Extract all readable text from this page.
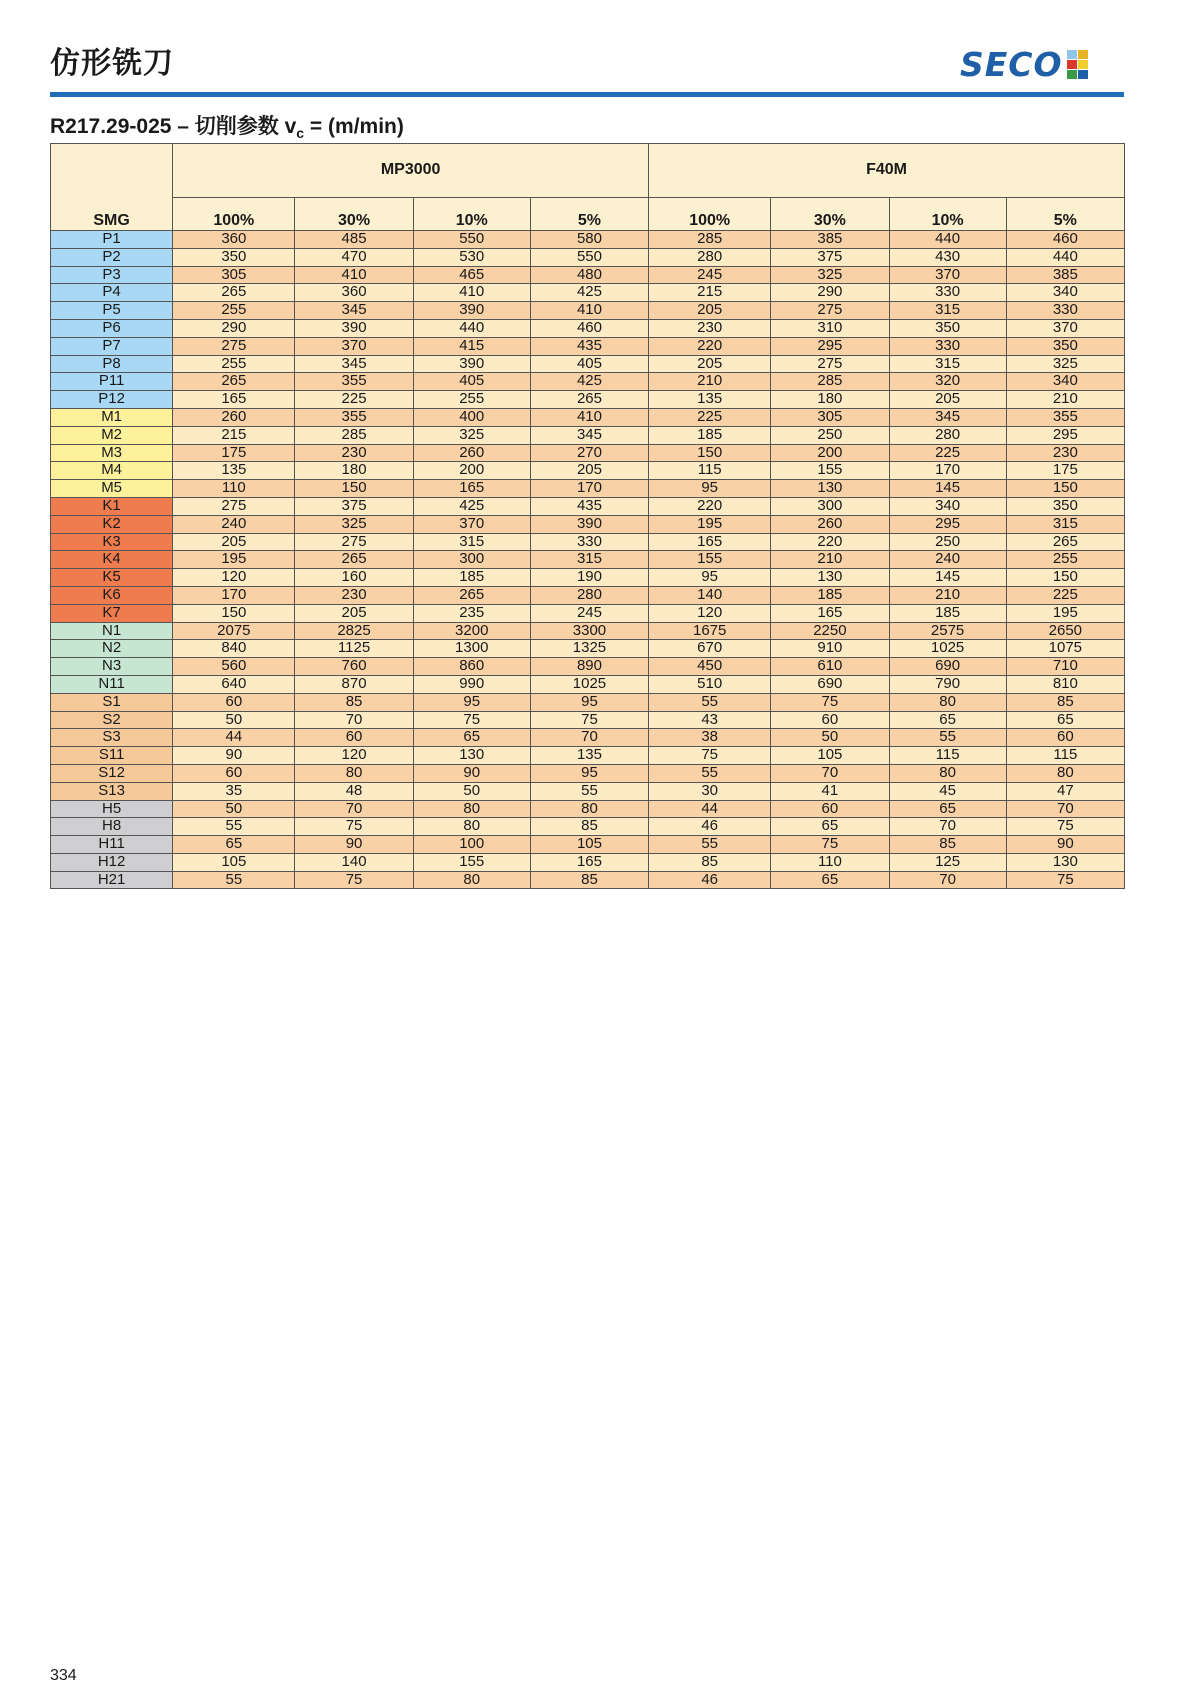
仿形铣刀	SECO
R217.29-025 – 切削参数 $v_c = (m/\min)$
SMG	MP3000				F40M			
	100%	30%	10%	5%	100%	30%	10%	5%
P1	360	485	550	580	285	385	440	460
P2	350	470	530	550	280	375	430	440
P3	305	410	465	480	245	325	370	385
P4	265	360	410	425	215	290	330	340
P5	255	345	390	410	205	275	315	330
P6	290	390	440	460	230	310	350	370
P7	275	370	415	435	220	295	330	350
P8	255	345	390	405	205	275	315	325
P11	265	355	405	425	210	285	320	340
P12	165	225	255	265	135	180	205	210
M1	260	355	400	410	225	305	345	355
M2	215	285	325	345	185	250	280	295
M3	175	230	260	270	150	200	225	230
M4	135	180	200	205	115	155	170	175
M5	110	150	165	170	95	130	145	150
K1	275	375	425	435	220	300	340	350
K2	240	325	370	390	195	260	295	315
K3	205	275	315	330	165	220	250	265
K4	195	265	300	315	155	210	240	255
K5	120	160	185	190	95	130	145	150
K6	170	230	265	280	140	185	210	225
K7	150	205	235	245	120	165	185	195
N1	2075	2825	3200	3300	1675	2250	2575	2650
N2	840	1125	1300	1325	670	910	1025	1075
N3	560	760	860	890	450	610	690	710
N11	640	870	990	1025	510	690	790	810
S1	60	85	95	95	55	75	80	85
S2	50	70	75	75	43	60	65	65
S3	44	60	65	70	38	50	55	60
S11	90	120	130	135	75	105	115	115
S12	60	80	90	95	55	70	80	80
S13	35	48	50	55	30	41	45	47
H5	50	70	80	80	44	60	65	70
H8	55	75	80	85	46	65	70	75
H11	65	90	100	105	55	75	85	90
H12	105	140	155	165	85	110	125	130
H21	55	75	80	85	46	65	70	75
334
